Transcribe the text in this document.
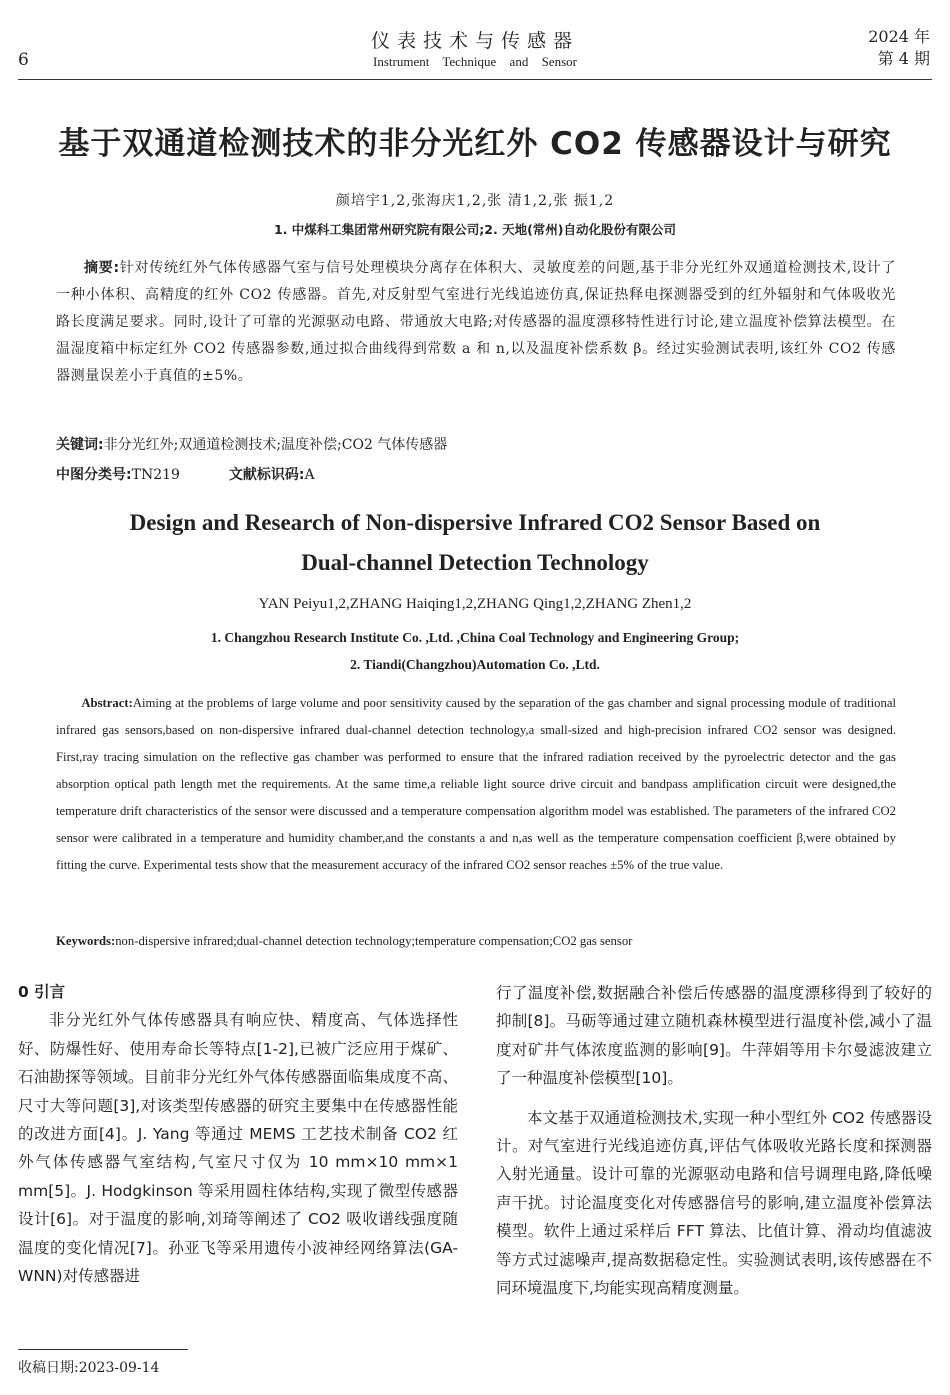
6
仪表技术与传感器
Instrument Technique and Sensor
2024 年
第 4 期
基于双通道检测技术的非分光红外 CO2 传感器设计与研究
颜培宇1,2,张海庆1,2,张 清1,2,张 振1,2
1. 中煤科工集团常州研究院有限公司;2. 天地(常州)自动化股份有限公司
摘要:针对传统红外气体传感器气室与信号处理模块分离存在体积大、灵敏度差的问题,基于非分光红外双通道检测技术,设计了一种小体积、高精度的红外 CO2 传感器。首先,对反射型气室进行光线追迹仿真,保证热释电探测器受到的红外辐射和气体吸收光路长度满足要求。同时,设计了可靠的光源驱动电路、带通放大电路;对传感器的温度漂移特性进行讨论,建立温度补偿算法模型。在温湿度箱中标定红外 CO2 传感器参数,通过拟合曲线得到常数 a 和 n,以及温度补偿系数 β。经过实验测试表明,该红外 CO2 传感器测量误差小于真值的±5%。
关键词:非分光红外;双通道检测技术;温度补偿;CO2 气体传感器
中图分类号:TN219	文献标识码:A
Design and Research of Non-dispersive Infrared CO2 Sensor Based on
Dual-channel Detection Technology
YAN Peiyu1,2,ZHANG Haiqing1,2,ZHANG Qing1,2,ZHANG Zhen1,2
1. Changzhou Research Institute Co. ,Ltd. ,China Coal Technology and Engineering Group;
2. Tiandi(Changzhou)Automation Co. ,Ltd.
Abstract:Aiming at the problems of large volume and poor sensitivity caused by the separation of the gas chamber and signal processing module of traditional infrared gas sensors,based on non-dispersive infrared dual-channel detection technology,a small-sized and high-precision infrared CO2 sensor was designed. First,ray tracing simulation on the reflective gas chamber was performed to ensure that the infrared radiation received by the pyroelectric detector and the gas absorption optical path length met the requirements. At the same time,a reliable light source drive circuit and bandpass amplification circuit were designed,the temperature drift characteristics of the sensor were discussed and a temperature compensation algorithm model was established. The parameters of the infrared CO2 sensor were calibrated in a temperature and humidity chamber,and the constants a and n,as well as the temperature compensation coefficient β,were obtained by fitting the curve. Experimental tests show that the measurement accuracy of the infrared CO2 sensor reaches ±5% of the true value.
Keywords:non-dispersive infrared;dual-channel detection technology;temperature compensation;CO2 gas sensor
0 引言

非分光红外气体传感器具有响应快、精度高、气体选择性好、防爆性好、使用寿命长等特点[1-2],已被广泛应用于煤矿、石油勘探等领域。目前非分光红外气体传感器面临集成度不高、尺寸大等问题[3],对该类型传感器的研究主要集中在传感器性能的改进方面[4]。J. Yang 等通过 MEMS 工艺技术制备 CO2 红外气体传感器气室结构,气室尺寸仅为 10 mm×10 mm×1 mm[5]。J. Hodgkinson 等采用圆柱体结构,实现了微型传感器设计[6]。对于温度的影响,刘琦等阐述了 CO2 吸收谱线强度随温度的变化情况[7]。孙亚飞等采用遗传小波神经网络算法(GA-WNN)对传感器进

行了温度补偿,数据融合补偿后传感器的温度漂移得到了较好的抑制[8]。马砺等通过建立随机森林模型进行温度补偿,减小了温度对矿井气体浓度监测的影响[9]。牛萍娟等用卡尔曼滤波建立了一种温度补偿模型[10]。

本文基于双通道检测技术,实现一种小型红外 CO2 传感器设计。对气室进行光线追迹仿真,评估气体吸收光路长度和探测器入射光通量。设计可靠的光源驱动电路和信号调理电路,降低噪声干扰。讨论温度变化对传感器信号的影响,建立温度补偿算法模型。软件上通过采样后 FFT 算法、比值计算、滑动均值滤波等方式过滤噪声,提高数据稳定性。实验测试表明,该传感器在不同环境温度下,均能实现高精度测量。

收稿日期:2023-09-14
